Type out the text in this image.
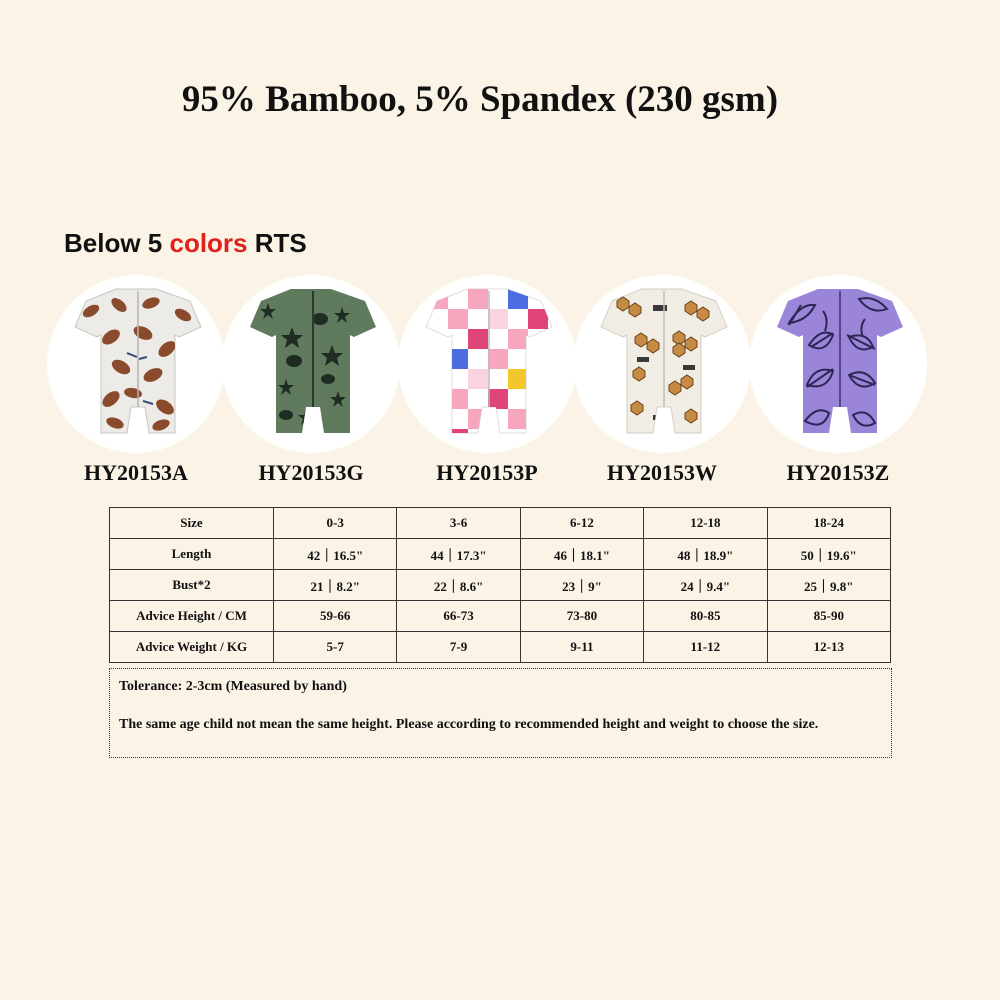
95% Bamboo, 5% Spandex (230 gsm)
Below 5 colors RTS
HY20153A	HY20153G	HY20153P	HY20153W	HY20153Z
Size	0-3	3-6	6-12	12-18	18-24
Length	42｜16.5"	44｜17.3"	46｜18.1"	48｜18.9"	50｜19.6"
Bust*2	21｜8.2"	22｜8.6"	23｜9"	24｜9.4"	25｜9.8"
Advice Height / CM	59-66	66-73	73-80	80-85	85-90
Advice Weight / KG	5-7	7-9	9-11	11-12	12-13

Tolerance: 2-3cm (Measured by hand)

The same age child not mean the same height. Please according to recommended height and weight to choose the size.
